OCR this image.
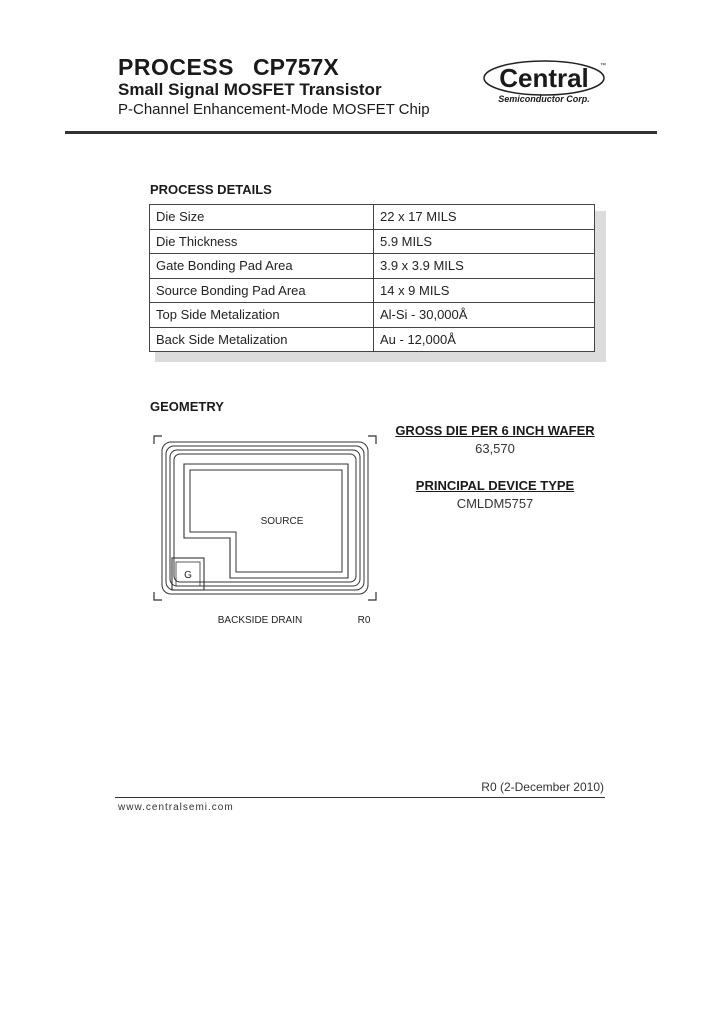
PROCESS CP757X
Small Signal MOSFET Transistor
P-Channel Enhancement-Mode MOSFET Chip
Central ™
Semiconductor Corp.
PROCESS DETAILS
Die Size	22 x 17 MILS
Die Thickness	5.9 MILS
Gate Bonding Pad Area	3.9 x 3.9 MILS
Source Bonding Pad Area	14 x 9 MILS
Top Side Metalization	Al-Si - 30,000Å
Back Side Metalization	Au - 12,000Å
GEOMETRY
SOURCE
G
BACKSIDE DRAIN	R0
GROSS DIE PER 6 INCH WAFER
63,570
PRINCIPAL DEVICE TYPE
CMLDM5757
R0 (2-December 2010)
www.centralsemi.com
